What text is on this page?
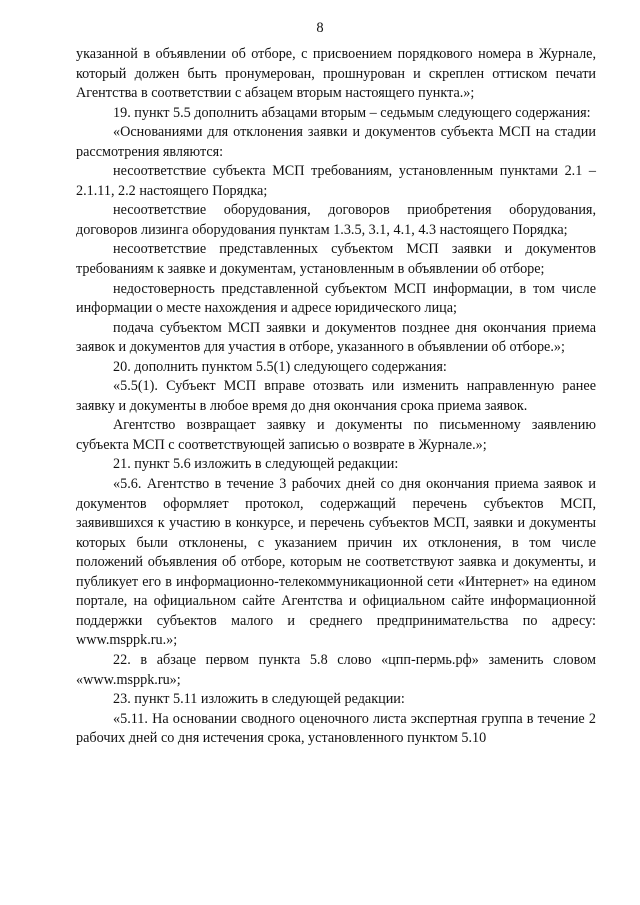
8

указанной в объявлении об отборе, с присвоением порядкового номера в Журнале, который должен быть пронумерован, прошнурован и скреплен оттиском печати Агентства в соответствии с абзацем вторым настоящего пункта.»;

19. пункт 5.5 дополнить абзацами вторым – седьмым следующего содержания:

«Основаниями для отклонения заявки и документов субъекта МСП на стадии рассмотрения являются:

несоответствие субъекта МСП требованиям, установленным пунктами 2.1 – 2.1.11, 2.2 настоящего Порядка;

несоответствие оборудования, договоров приобретения оборудования, договоров лизинга оборудования пунктам 1.3.5, 3.1, 4.1, 4.3 настоящего Порядка;

несоответствие представленных субъектом МСП заявки и документов требованиям к заявке и документам, установленным в объявлении об отборе;

недостоверность представленной субъектом МСП информации, в том числе информации о месте нахождения и адресе юридического лица;

подача субъектом МСП заявки и документов позднее дня окончания приема заявок и документов для участия в отборе, указанного в объявлении об отборе.»;

20. дополнить пунктом 5.5(1) следующего содержания:

«5.5(1). Субъект МСП вправе отозвать или изменить направленную ранее заявку и документы в любое время до дня окончания срока приема заявок.

Агентство возвращает заявку и документы по письменному заявлению субъекта МСП с соответствующей записью о возврате в Журнале.»;

21. пункт 5.6 изложить в следующей редакции:

«5.6. Агентство в течение 3 рабочих дней со дня окончания приема заявок и документов оформляет протокол, содержащий перечень субъектов МСП, заявившихся к участию в конкурсе, и перечень субъектов МСП, заявки и документы которых были отклонены, с указанием причин их отклонения, в том числе положений объявления об отборе, которым не соответствуют заявка и документы, и публикует его в информационно-телекоммуникационной сети «Интернет» на едином портале, на официальном сайте Агентства и официальном сайте информационной поддержки субъектов малого и среднего предпринимательства по адресу: www.msppk.ru.»;

22. в абзаце первом пункта 5.8 слово «цпп-пермь.рф» заменить словом «www.msppk.ru»;

23. пункт 5.11 изложить в следующей редакции:

«5.11. На основании сводного оценочного листа экспертная группа в течение 2 рабочих дней со дня истечения срока, установленного пунктом 5.10
